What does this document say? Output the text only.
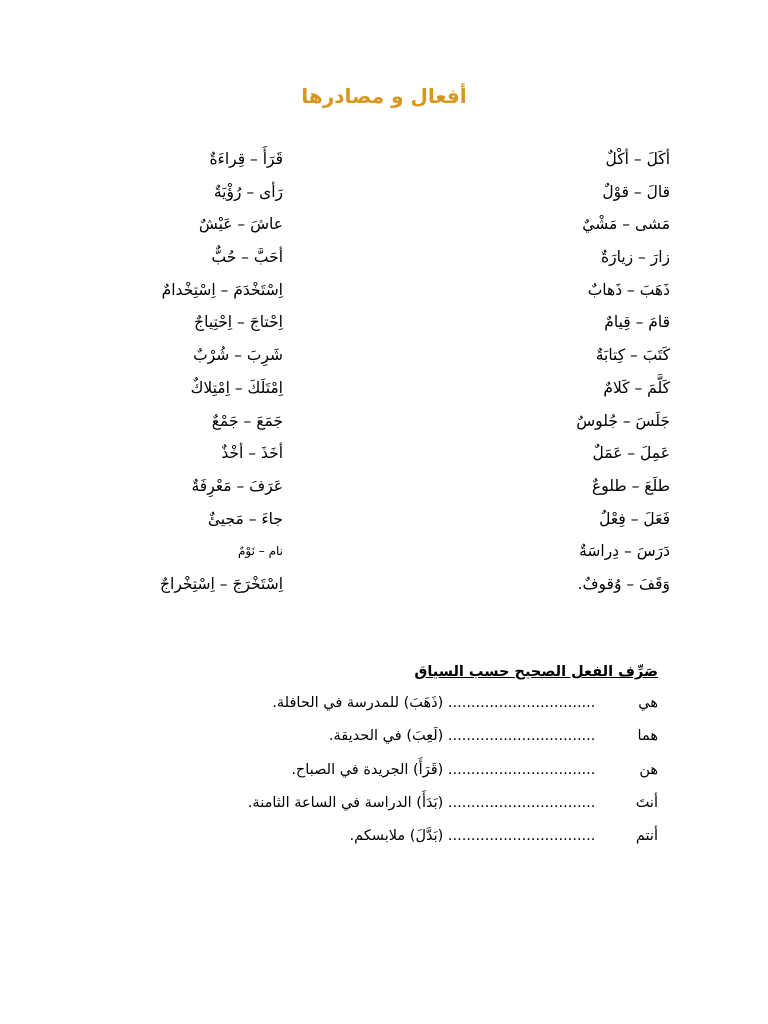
أفعال و مصادرها
أكَلَ – أكْلٌ
قالَ – قوْلٌ
مَشى – مَشْيٌ
زارَ – زيارَةٌ
ذَهَبَ – ذَهابٌ
قامَ – قِيامٌ
كَتَبَ – كِتابَةٌ
كَلَّمَ – كَلامٌ
جَلَسَ – جُلوسٌ
عَمِلَ – عَمَلٌ
طلَعَ – طلوعٌ
فَعَلَ – فِعْلٌ
دَرَسَ – دِراسَةٌ
وَقَفَ – وُقوفٌ.
قَرَأَ – قِراءَةٌ
رَأى – رُؤْيَةٌ
عاشَ – عَيْشٌ
أحَبَّ – حُبٌّ
اِسْتَخْدَمَ – اِسْتِخْدامٌ
اِحْتاجَ – اِحْتِياجٌ
شَرِبَ – شُرْبٌ
اِمْتَلَكَ – اِمْتِلاكٌ
جَمَعَ – جَمْعٌ
أخَذَ – أخْذٌ
عَرَفَ – مَعْرِفَةٌ
جاءَ – مَجيئٌ
نام – نَوْمٌ
اِسْتَخْرَجَ – اِسْتِخْراجٌ
صَرِّف الفعل الصحيح حسب السياق
هي ................................ (ذَهَبَ) للمدرسة في الحافلة.
هما ................................ (لَعِبَ) في الحديقة.
هن ................................ (قَرَأَ) الجريدة في الصباح.
أنتَ ................................ (بَدَأَ) الدراسة في الساعة الثامنة.
أنتم ................................ (بَدَّلَ) ملابسكم.
